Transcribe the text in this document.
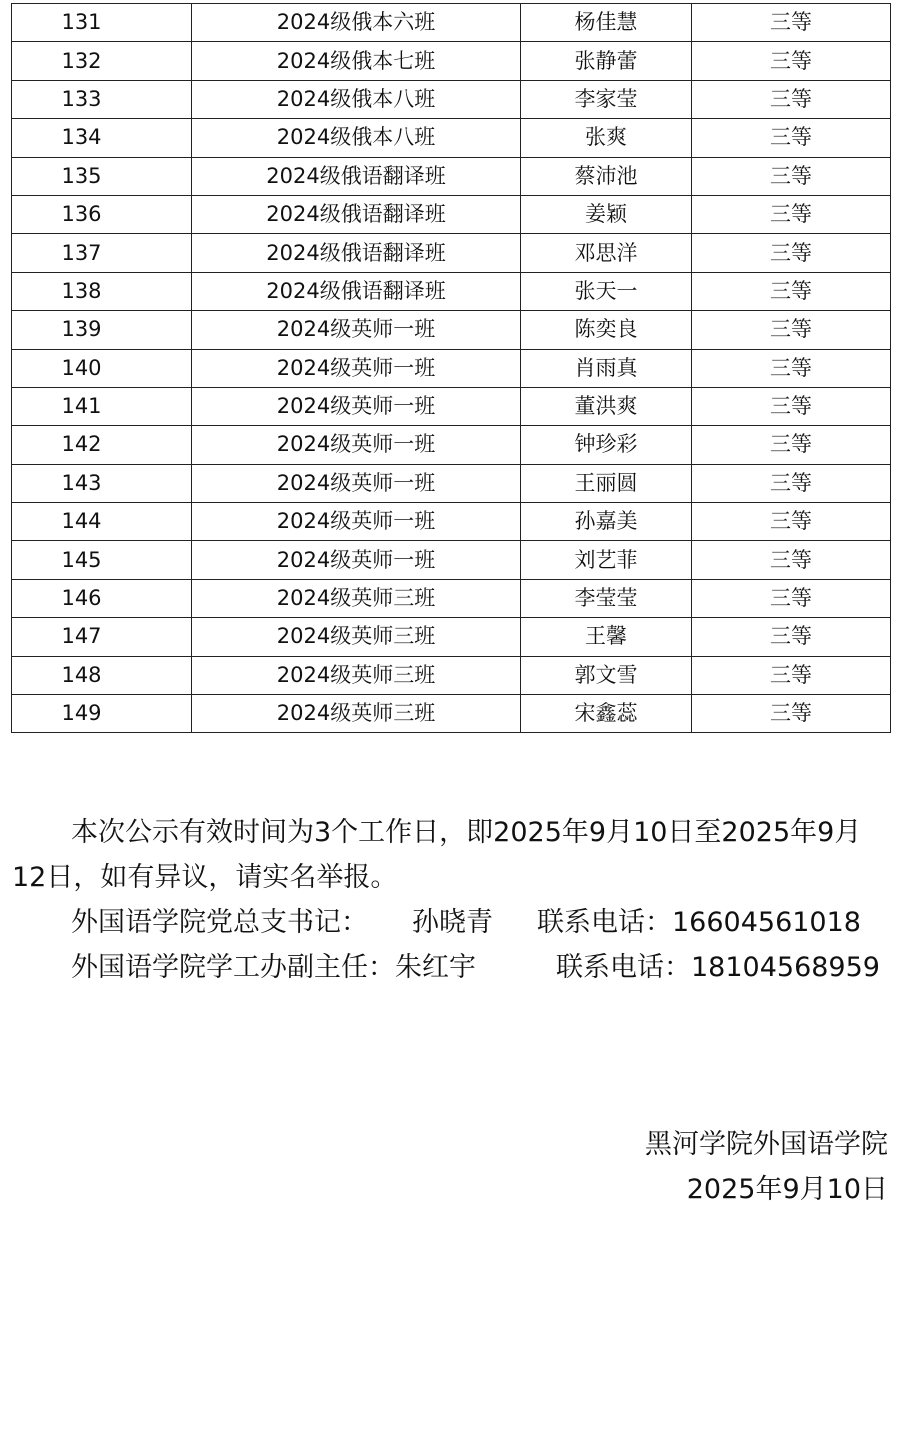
131	2024级俄本六班	杨佳慧	三等
132	2024级俄本七班	张静蕾	三等
133	2024级俄本八班	李家莹	三等
134	2024级俄本八班	张爽	三等
135	2024级俄语翻译班	蔡沛池	三等
136	2024级俄语翻译班	姜颖	三等
137	2024级俄语翻译班	邓思洋	三等
138	2024级俄语翻译班	张天一	三等
139	2024级英师一班	陈奕良	三等
140	2024级英师一班	肖雨真	三等
141	2024级英师一班	董洪爽	三等
142	2024级英师一班	钟珍彩	三等
143	2024级英师一班	王丽圆	三等
144	2024级英师一班	孙嘉美	三等
145	2024级英师一班	刘艺菲	三等
146	2024级英师三班	李莹莹	三等
147	2024级英师三班	王馨	三等
148	2024级英师三班	郭文雪	三等
149	2024级英师三班	宋鑫蕊	三等

本次公示有效时间为3个工作日，即2025年9月10日至2025年9月12日，如有异议，请实名举报。

外国语学院党总支书记： 孙晓青 联系电话：16604561018

外国语学院学工办副主任：朱红宇	联系电话：18104568959

黑河学院外国语学院
2025年9月10日
